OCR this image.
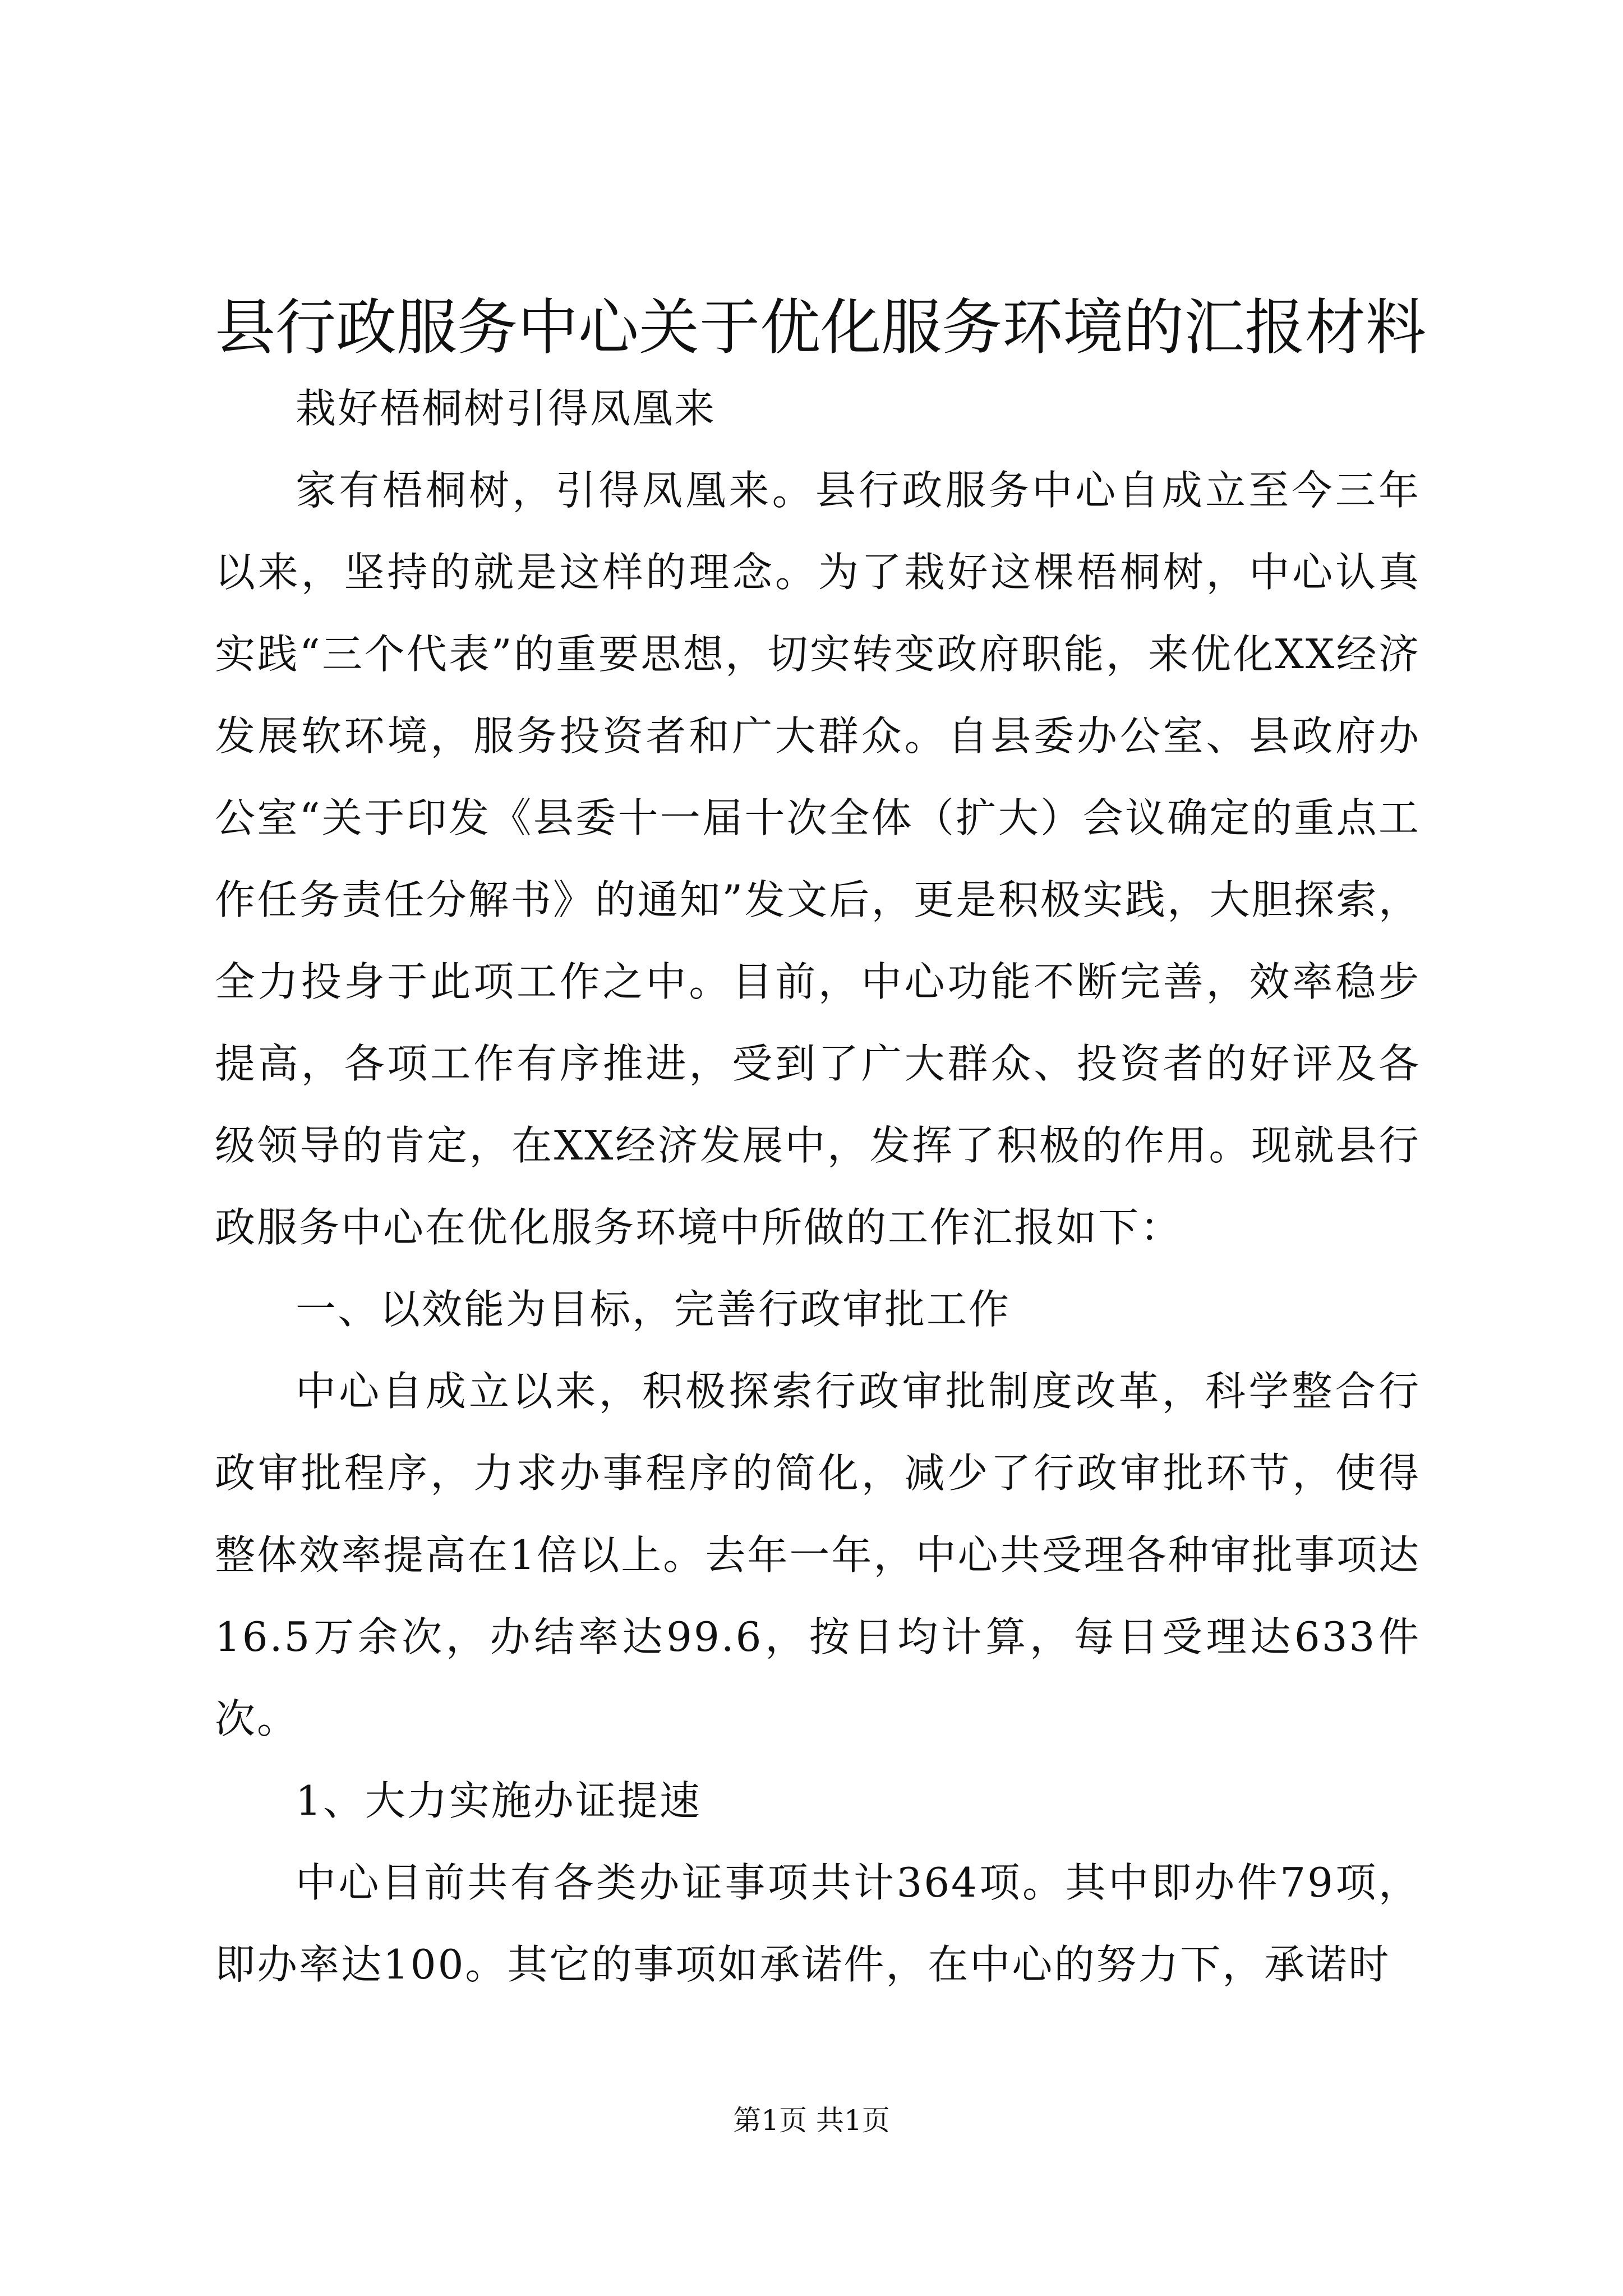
县行政服务中心关于优化服务环境的汇报材料

栽好梧桐树引得凤凰来

家有梧桐树，引得凤凰来。县行政服务中心自成立至今三年以来，坚持的就是这样的理念。为了栽好这棵梧桐树，中心认真实践“三个代表”的重要思想，切实转变政府职能，来优化XX经济发展软环境，服务投资者和广大群众。自县委办公室、县政府办公室“关于印发《县委十一届十次全体（扩大）会议确定的重点工作任务责任分解书》的通知”发文后，更是积极实践，大胆探索，全力投身于此项工作之中。目前，中心功能不断完善，效率稳步提高，各项工作有序推进，受到了广大群众、投资者的好评及各级领导的肯定，在XX经济发展中，发挥了积极的作用。现就县行政服务中心在优化服务环境中所做的工作汇报如下：

一、以效能为目标，完善行政审批工作

中心自成立以来，积极探索行政审批制度改革，科学整合行政审批程序，力求办事程序的简化，减少了行政审批环节，使得整体效率提高在1倍以上。去年一年，中心共受理各种审批事项达16.5万余次，办结率达99.6，按日均计算，每日受理达633件次。

1、大力实施办证提速

中心目前共有各类办证事项共计364项。其中即办件79项，即办率达100。其它的事项如承诺件，在中心的努力下，承诺时

第1页 共1页
